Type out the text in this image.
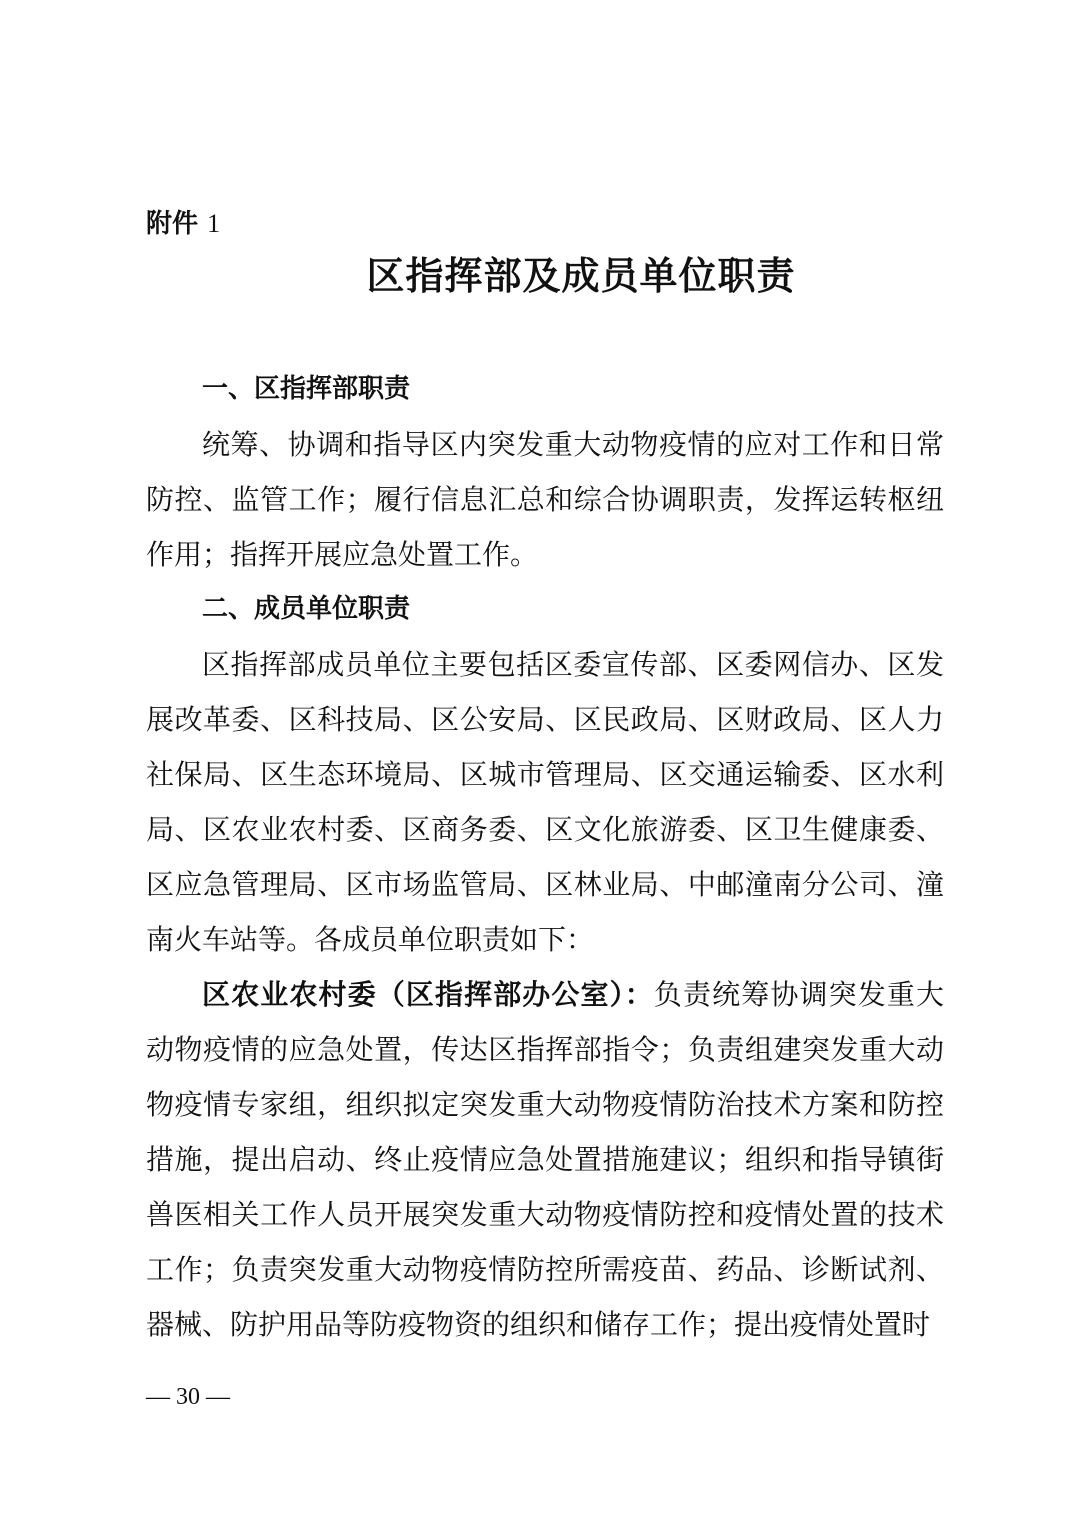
附件 1
区指挥部及成员单位职责

一、区指挥部职责

统筹、协调和指导区内突发重大动物疫情的应对工作和日常防控、监管工作；履行信息汇总和综合协调职责，发挥运转枢纽作用；指挥开展应急处置工作。

二、成员单位职责

区指挥部成员单位主要包括区委宣传部、区委网信办、区发展改革委、区科技局、区公安局、区民政局、区财政局、区人力社保局、区生态环境局、区城市管理局、区交通运输委、区水利局、区农业农村委、区商务委、区文化旅游委、区卫生健康委、区应急管理局、区市场监管局、区林业局、中邮潼南分公司、潼南火车站等。各成员单位职责如下：

区农业农村委（区指挥部办公室）：负责统筹协调突发重大动物疫情的应急处置，传达区指挥部指令；负责组建突发重大动物疫情专家组，组织拟定突发重大动物疫情防治技术方案和防控措施，提出启动、终止疫情应急处置措施建议；组织和指导镇街兽医相关工作人员开展突发重大动物疫情防控和疫情处置的技术工作；负责突发重大动物疫情防控所需疫苗、药品、诊断试剂、器械、防护用品等防疫物资的组织和储存工作；提出疫情处置时

— 30 —
